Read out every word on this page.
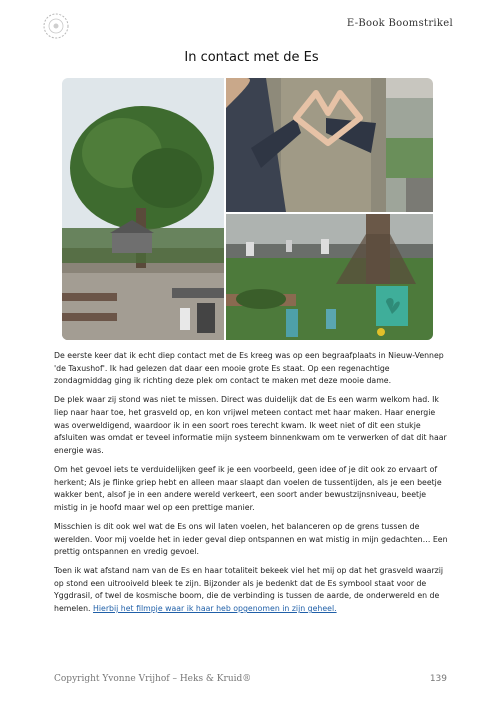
E-Book Boomstrikel
In contact met de Es

De eerste keer dat ik echt diep contact met de Es kreeg was op een begraafplaats in Nieuw-Vennep 'de Taxushof'. Ik had gelezen dat daar een mooie grote Es staat. Op een regenachtige zondagmiddag ging ik richting deze plek om contact te maken met deze mooie dame.

De plek waar zij stond was niet te missen. Direct was duidelijk dat de Es een warm welkom had. Ik liep naar haar toe, het grasveld op, en kon vrijwel meteen contact met haar maken. Haar energie was overweldigend, waardoor ik in een soort roes terecht kwam. Ik weet niet of dit een stukje afsluiten was omdat er teveel informatie mijn systeem binnenkwam om te verwerken of dat dit haar energie was.

Om het gevoel iets te verduidelijken geef ik je een voorbeeld, geen idee of je dit ook zo ervaart of herkent; Als je flinke griep hebt en alleen maar slaapt dan voelen de tussentijden, als je een beetje wakker bent, alsof je in een andere wereld verkeert, een soort ander bewustzijnsniveau, beetje mistig in je hoofd maar wel op een prettige manier.

Misschien is dit ook wel wat de Es ons wil laten voelen, het balanceren op de grens tussen de werelden. Voor mij voelde het in ieder geval diep ontspannen en wat mistig in mijn gedachten… Een prettig ontspannen en vredig gevoel.

Toen ik wat afstand nam van de Es en haar totaliteit bekeek viel het mij op dat het grasveld waarzij op stond een uitrooiveld bleek te zijn. Bijzonder als je bedenkt dat de Es symbool staat voor de Yggdrasil, of twel de kosmische boom, die de verbinding is tussen de aarde, de onderwereld en de hemelen. Hierbij het filmpje waar ik haar heb opgenomen in zijn geheel.

Copyright Yvonne Vrijhof – Heks & Kruid®	139
